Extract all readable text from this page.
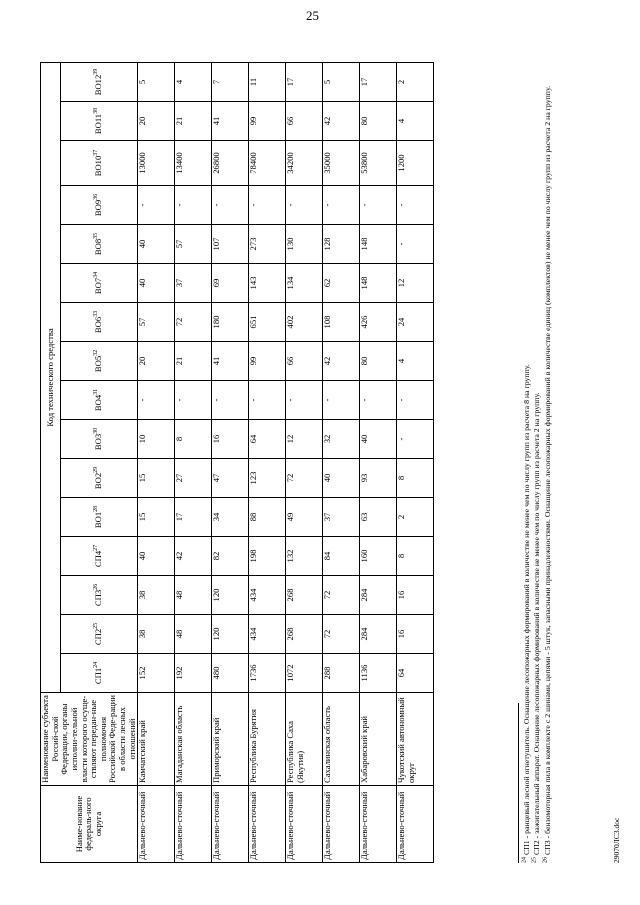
25
Наиме-нование федераль-ного округа	Наименование субъекта Россий-ской Федерации, органы исполни-тельной власти которого осуще-ствляют передан-ные полномочия Российской Феде-рации в области лесных отношений	Код технического средства															
		$СП1^{24}$	$СП2^{25}$	$СП3^{26}$	$СП4^{27}$	$ВО1^{28}$	$ВО2^{29}$	$ВО3^{30}$	$ВО4^{31}$	$ВО5^{32}$	$ВО6^{33}$	$ВО7^{34}$	$ВО8^{35}$	$ВО9^{36}$	$ВО10^{37}$	$ВО11^{38}$	$ВО12^{39}$
Дальнево-сточный	Камчатский край	152	38	38	40	15	15	10	-	20	57	40	40	-	13000	20	5
Дальнево-сточный	Магаданская область	192	48	48	42	17	27	8	-	21	72	37	57	-	13400	21	4
Дальнево-сточный	Приморский край	480	120	120	82	34	47	16	-	41	180	69	107	-	26800	41	7
Дальнево-сточный	Республика Бурятия	1736	434	434	198	88	123	64	-	99	651	143	273	-	78400	99	11
Дальнево-сточный	Республика Саха (Якутия)	1072	268	268	132	49	72	12	-	66	402	134	130	-	34200	66	17
Дальнево-сточный	Сахалинская область	288	72	72	84	37	40	32	-	42	108	62	128	-	35000	42	5
Дальнево-сточный	Хабаровский край	1136	284	284	160	63	93	40	-	80	426	148	148	-	53800	80	17
Дальнево-сточный	Чукотский автономный округ	64	16	16	8	2	8	-	-	4	24	12	-	-	1200	4	2

$^{24}$ СП1 - ранцевый лесной огнетушитель. Оснащение лесопожарных формирований в количестве не менее чем по числу групп из расчета 8 на группу.

$^{25}$ СП2 - зажигательный аппарат. Оснащение лесопожарных формирований в количестве не менее чем по числу групп из расчета 2 на группу.

$^{26}$ СП3 - бензомоторная пила в комплекте с 2 шинами, цепями - 5 штук, запасными принадлежностями. Оснащение лесопожарных формирований в количестве единиц (комплектов) не менее чем по числу групп из расчета 2 на группу.	29070ЛС3.doc
